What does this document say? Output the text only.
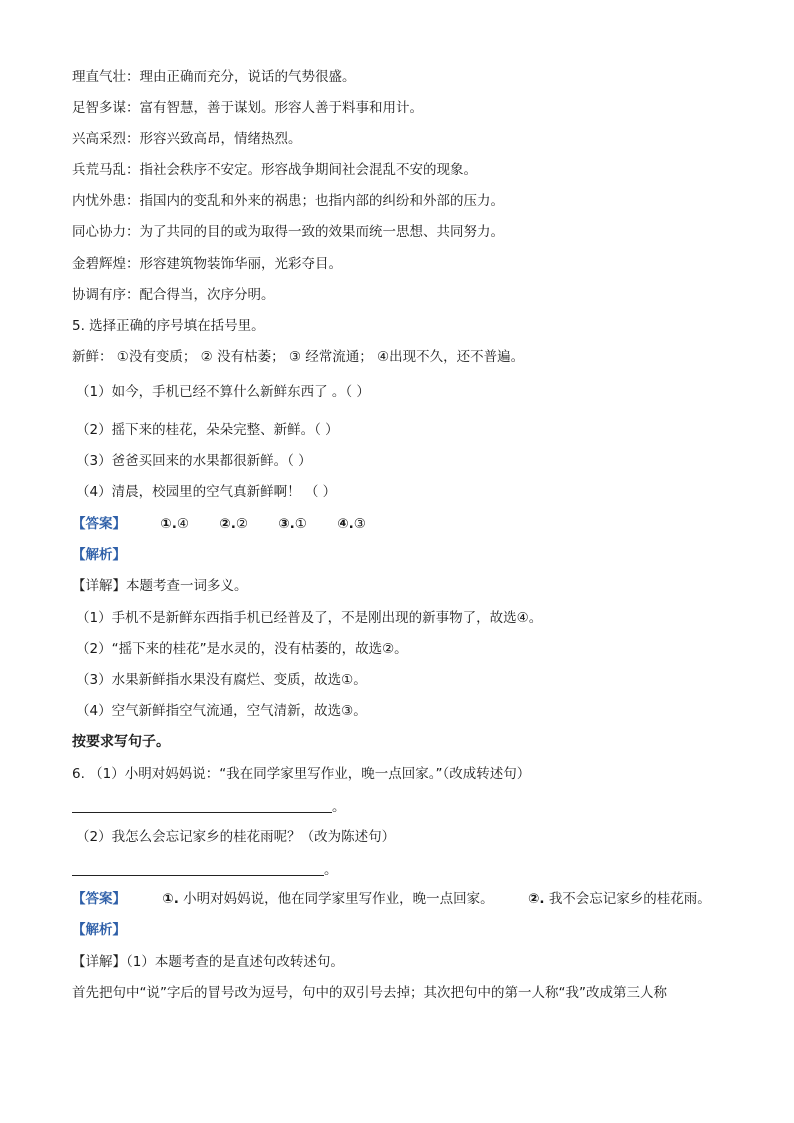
理直气壮：理由正确而充分，说话的气势很盛。
足智多谋：富有智慧，善于谋划。形容人善于料事和用计。
兴高采烈：形容兴致高昂，情绪热烈。
兵荒马乱：指社会秩序不安定。形容战争期间社会混乱不安的现象。
内忧外患：指国内的变乱和外来的祸患；也指内部的纠纷和外部的压力。
同心协力：为了共同的目的或为取得一致的效果而统一思想、共同努力。
金碧辉煌：形容建筑物装饰华丽，光彩夺目。
协调有序：配合得当，次序分明。
5. 选择正确的序号填在括号里。
新鲜： ①没有变质； ② 没有枯萎； ③ 经常流通； ④出现不久，还不普遍。
（1）如今，手机已经不算什么新鲜东西了 。（ ）
（2）摇下来的桂花，朵朵完整、新鲜。（ ）
（3）爸爸买回来的水果都很新鲜。（ ）
（4）清晨，校园里的空气真新鲜啊！ （ ）
【答案】	①.④ ②.② ③.① ④.③
【解析】
【详解】本题考查一词多义。
（1）手机不是新鲜东西指手机已经普及了，不是刚出现的新事物了，故选④。
（2）“摇下来的桂花”是水灵的，没有枯萎的，故选②。
（3）水果新鲜指水果没有腐烂、变质，故选①。
（4）空气新鲜指空气流通，空气清新，故选③。
按要求写句子。
6. （1）小明对妈妈说：“我在同学家里写作业，晚一点回家。”（改成转述句）
。
（2）我怎么会忘记家乡的桂花雨呢？（改为陈述句）
。
【答案】	①. 小明对妈妈说，他在同学家里写作业，晚一点回家。	②. 我不会忘记家乡的桂花雨。
【解析】
【详解】（1）本题考查的是直述句改转述句。
首先把句中“说”字后的冒号改为逗号，句中的双引号去掉；其次把句中的第一人称“我”改成第三人称
